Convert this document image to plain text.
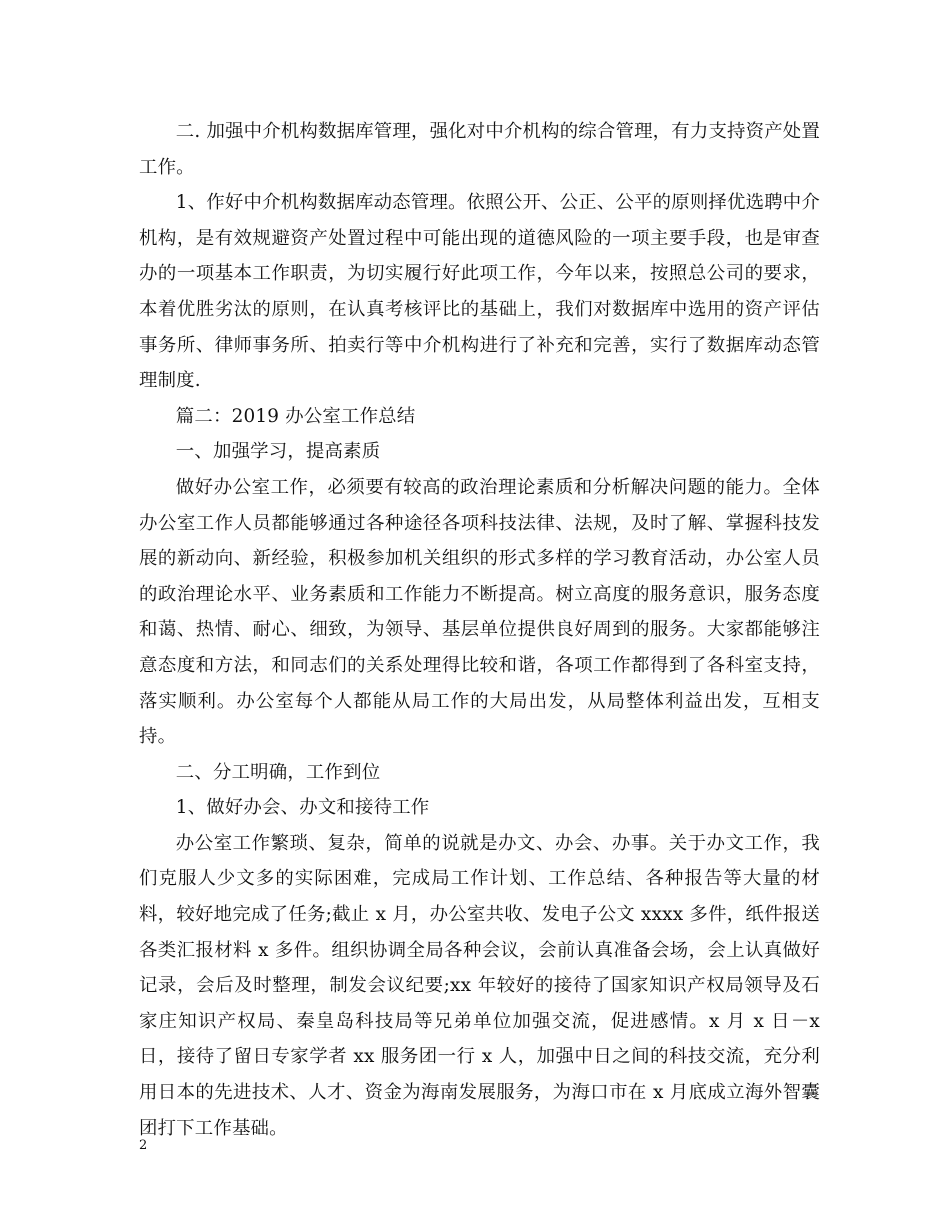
二. 加强中介机构数据库管理，强化对中介机构的综合管理，有力支持资产处置工作。

1、作好中介机构数据库动态管理。依照公开、公正、公平的原则择优选聘中介机构，是有效规避资产处置过程中可能出现的道德风险的一项主要手段，也是审查办的一项基本工作职责，为切实履行好此项工作，今年以来，按照总公司的要求，本着优胜劣汰的原则，在认真考核评比的基础上，我们对数据库中选用的资产评估事务所、律师事务所、拍卖行等中介机构进行了补充和完善，实行了数据库动态管理制度.

篇二：2019 办公室工作总结

一、加强学习，提高素质

做好办公室工作，必须要有较高的政治理论素质和分析解决问题的能力。全体办公室工作人员都能够通过各种途径各项科技法律、法规，及时了解、掌握科技发展的新动向、新经验，积极参加机关组织的形式多样的学习教育活动，办公室人员的政治理论水平、业务素质和工作能力不断提高。树立高度的服务意识，服务态度和蔼、热情、耐心、细致，为领导、基层单位提供良好周到的服务。大家都能够注意态度和方法，和同志们的关系处理得比较和谐，各项工作都得到了各科室支持，落实顺利。办公室每个人都能从局工作的大局出发，从局整体利益出发，互相支持。

二、分工明确，工作到位

1、做好办会、办文和接待工作

办公室工作繁琐、复杂，简单的说就是办文、办会、办事。关于办文工作，我们克服人少文多的实际困难，完成局工作计划、工作总结、各种报告等大量的材料，较好地完成了任务;截止 x 月，办公室共收、发电子公文 xxxx 多件，纸件报送各类汇报材料 x 多件。组织协调全局各种会议，会前认真准备会场，会上认真做好记录，会后及时整理，制发会议纪要;xx 年较好的接待了国家知识产权局领导及石家庄知识产权局、秦皇岛科技局等兄弟单位加强交流，促进感情。x 月 x 日－x 日，接待了留日专家学者 xx 服务团一行 x 人，加强中日之间的科技交流，充分利用日本的先进技术、人才、资金为海南发展服务，为海口市在 x 月底成立海外智囊团打下工作基础。

2
